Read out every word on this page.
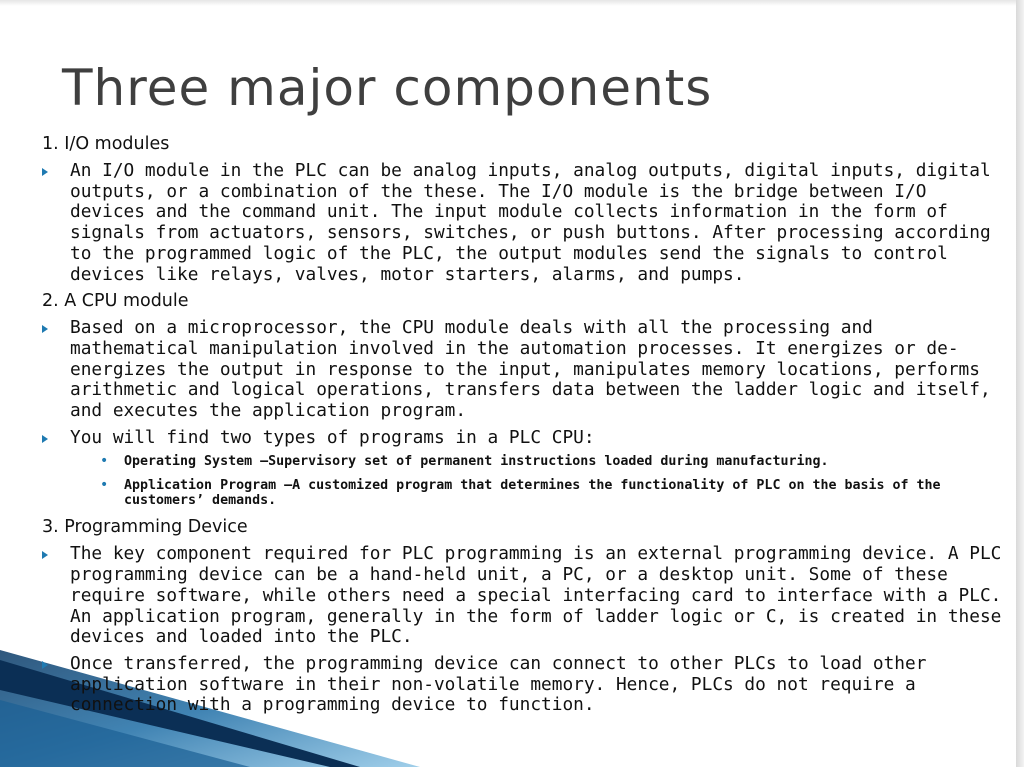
Three major components
1. I/O modules
An I/O module in the PLC can be analog inputs, analog outputs, digital inputs, digital outputs, or a combination of the these. The I/O module is the bridge between I/O devices and the command unit. The input module collects information in the form of signals from actuators, sensors, switches, or push buttons. After processing according to the programmed logic of the PLC, the output modules send the signals to control devices like relays, valves, motor starters, alarms, and pumps.
2. A CPU module
Based on a microprocessor, the CPU module deals with all the processing and mathematical manipulation involved in the automation processes. It energizes or de-energizes the output in response to the input, manipulates memory locations, performs arithmetic and logical operations, transfers data between the ladder logic and itself, and executes the application program.
You will find two types of programs in a PLC CPU:
• Operating System –Supervisory set of permanent instructions loaded during manufacturing.
• Application Program –A customized program that determines the functionality of PLC on the basis of the customers’ demands.
3. Programming Device
The key component required for PLC programming is an external programming device. A PLC programming device can be a hand-held unit, a PC, or a desktop unit. Some of these require software, while others need a special interfacing card to interface with a PLC. An application program, generally in the form of ladder logic or C, is created in these devices and loaded into the PLC.
Once transferred, the programming device can connect to other PLCs to load other application software in their non-volatile memory. Hence, PLCs do not require a connection with a programming device to function.
